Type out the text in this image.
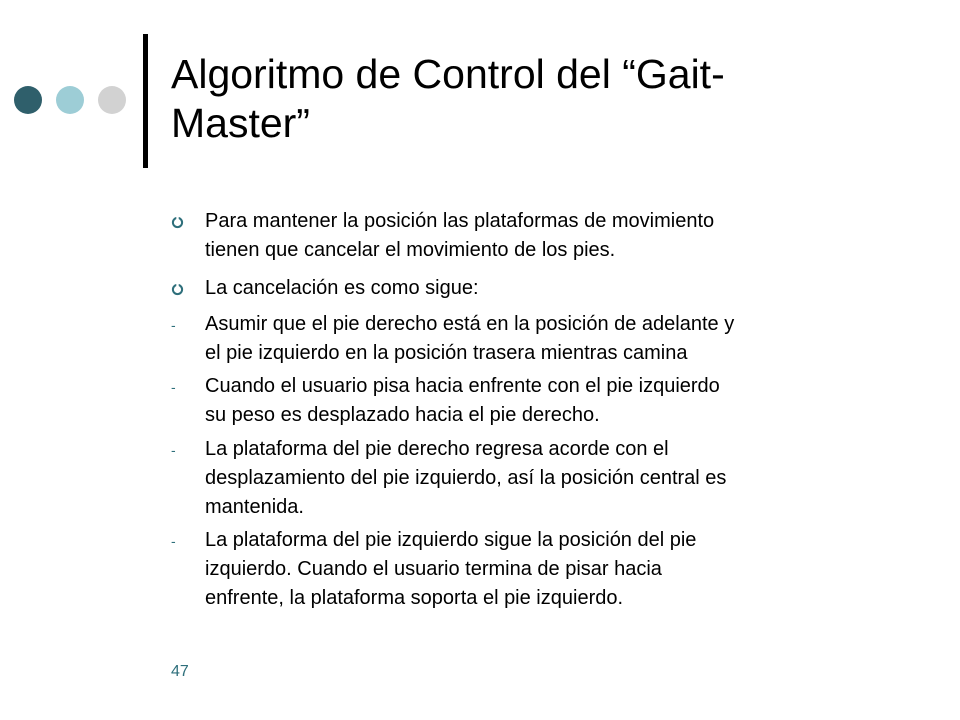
Algoritmo de Control del “Gait-
Master”
Para mantener la posición las plataformas de movimiento
tienen que cancelar el movimiento de los pies.
La cancelación es como sigue:
- Asumir que el pie derecho está en la posición de adelante y
el pie izquierdo en la posición trasera mientras camina
- Cuando el usuario pisa hacia enfrente con el pie izquierdo
su peso es desplazado hacia el pie derecho.
- La plataforma del pie derecho regresa acorde con el
desplazamiento del pie izquierdo, así la posición central es
mantenida.
- La plataforma del pie izquierdo sigue la posición del pie
izquierdo. Cuando el usuario termina de pisar hacia
enfrente, la plataforma soporta el pie izquierdo.
47
